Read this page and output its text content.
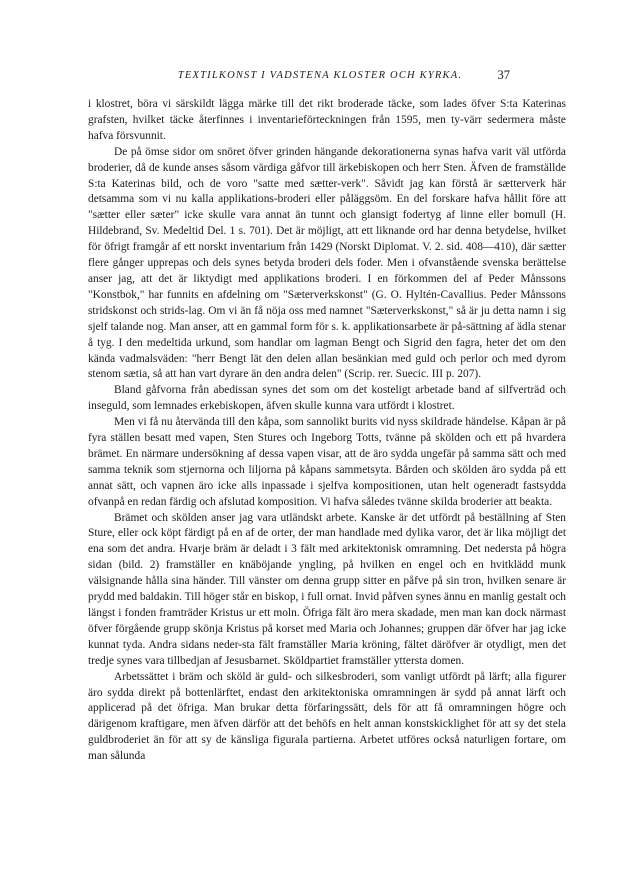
TEXTILKONST I VADSTENA KLOSTER OCH KYRKA.	37

i klostret, böra vi särskildt lägga märke till det rikt broderade täcke, som lades öfver S:ta Katerinas grafsten, hvilket täcke återfinnes i inventarieförteckningen från 1595, men ty-värr sedermera måste hafva försvunnit.

De på ömse sidor om snöret öfver grinden hängande dekorationerna synas hafva varit väl utförda broderier, då de kunde anses såsom värdiga gåfvor till ärkebiskopen och herr Sten. Äfven de framställde S:ta Katerinas bild, och de voro "satte med sætter-verk". Såvidt jag kan förstå är sætterverk här detsamma som vi nu kalla applikations-broderi eller påläggsöm. En del forskare hafva hållit före att "sætter eller sæter" icke skulle vara annat än tunnt och glansigt fodertyg af linne eller bomull (H. Hildebrand, Sv. Medeltid Del. 1 s. 701). Det är möjligt, att ett liknande ord har denna betydelse, hvilket för öfrigt framgår af ett norskt inventarium från 1429 (Norskt Diplomat. V. 2. sid. 408—410), där sætter flere gånger upprepas och dels synes betyda broderi dels foder. Men i ofvanstående svenska berättelse anser jag, att det är liktydigt med applikations broderi. I en förkommen del af Peder Månssons "Konstbok," har funnits en afdelning om "Sæterverkskonst" (G. O. Hyltén-Cavallius. Peder Månssons stridskonst och strids-lag. Om vi än få nöja oss med namnet "Sæterverkskonst," så är ju detta namn i sig sjelf talande nog. Man anser, att en gammal form för s. k. applikationsarbete är på-sättning af ädla stenar å tyg. I den medeltida urkund, som handlar om lagman Bengt och Sigrid den fagra, heter det om den kända vadmalsväden: "herr Bengt lät den delen allan besänkian med guld och perlor och med dyrom stenom sætia, så att han vart dyrare än den andra delen" (Scrip. rer. Suecic. III p. 207).

Bland gåfvorna från abedissan synes det som om det kosteligt arbetade band af silfverträd och inseguld, som lemnades erkebiskopen, äfven skulle kunna vara utfördt i klostret.

Men vi få nu återvända till den kåpa, som sannolikt burits vid nyss skildrade händelse. Kåpan är på fyra ställen besatt med vapen, Sten Stures och Ingeborg Totts, tvänne på skölden och ett på hvardera brämet. En närmare undersökning af dessa vapen visar, att de äro sydda ungefär på samma sätt och med samma teknik som stjernorna och liljorna på kåpans sammetsyta. Bården och skölden äro sydda på ett annat sätt, och vapnen äro icke alls inpassade i sjelfva kompositionen, utan helt ogeneradt fastsydda ofvanpå en redan färdig och afslutad komposition. Vi hafva således tvänne skilda broderier att beakta.

Brämet och skölden anser jag vara utländskt arbete. Kanske är det utfördt på beställning af Sten Sture, eller ock köpt färdigt på en af de orter, der man handlade med dylika varor, det är lika möjligt det ena som det andra. Hvarje bräm är deladt i 3 fält med arkitektonisk omramning. Det nedersta på högra sidan (bild. 2) framställer en knäböjande yngling, på hvilken en engel och en hvitklädd munk välsignande hålla sina händer. Till vänster om denna grupp sitter en påfve på sin tron, hvilken senare är prydd med baldakin. Till höger står en biskop, i full ornat. Invid påfven synes ännu en manlig gestalt och längst i fonden framträder Kristus ur ett moln. Öfriga fält äro mera skadade, men man kan dock närmast öfver förgående grupp skönja Kristus på korset med Maria och Johannes; gruppen där öfver har jag icke kunnat tyda. Andra sidans neder-sta fält framställer Maria kröning, fältet däröfver är otydligt, men det tredje synes vara tillbedjan af Jesusbarnet. Sköldpartiet framställer yttersta domen.

Arbetssättet i bräm och sköld är guld- och silkesbroderi, som vanligt utfördt på lärft; alla figurer äro sydda direkt på bottenlärftet, endast den arkitektoniska omramningen är sydd på annat lärft och applicerad på det öfriga. Man brukar detta förfaringssätt, dels för att få omramningen högre och därigenom kraftigare, men äfven därför att det behöfs en helt annan konstskicklighet för att sy det stela guldbroderiet än för att sy de känsliga figurala partierna. Arbetet utföres också naturligen fortare, om man sålunda
